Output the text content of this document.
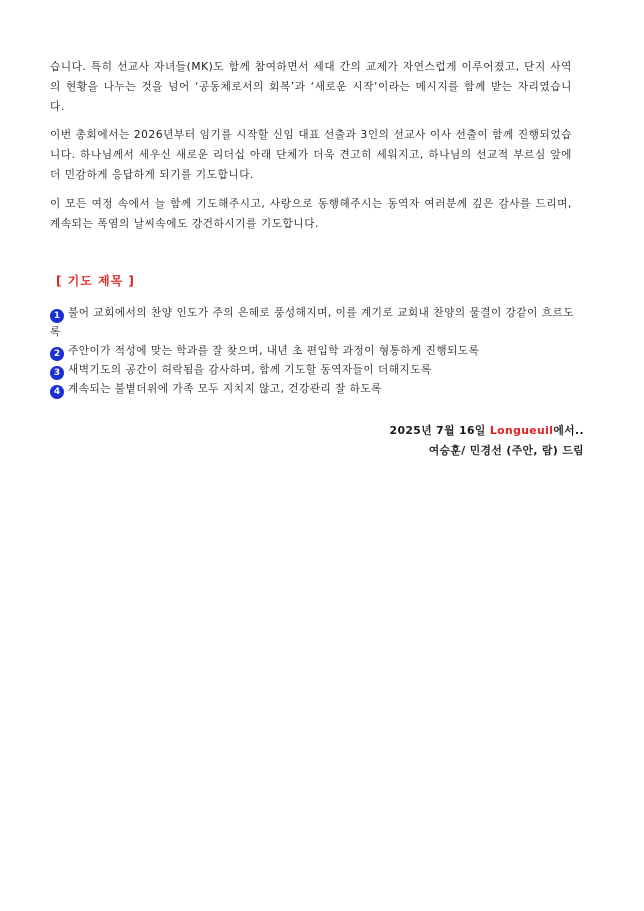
습니다. 특히 선교사 자녀들(MK)도 함께 참여하면서 세대 간의 교제가 자연스럽게 이루어졌고, 단지 사역의 현황을 나누는 것을 넘어 ‘공동체로서의 회복’과 ‘새로운 시작’이라는 메시지를 함께 받는 자리였습니다.

이번 총회에서는 2026년부터 임기를 시작할 신임 대표 선출과 3인의 선교사 이사 선출이 함께 진행되었습니다. 하나님께서 세우신 새로운 리더십 아래 단체가 더욱 견고히 세워지고, 하나님의 선교적 부르심 앞에 더 민감하게 응답하게 되기를 기도합니다.

이 모든 여정 속에서 늘 함께 기도해주시고, 사랑으로 동행해주시는 동역자 여러분께 깊은 감사를 드리며, 계속되는 폭염의 날씨속에도 강건하시기를 기도합니다.

[ 기도 제목 ]

1 불어 교회에서의 찬양 인도가 주의 은혜로 풍성해지며, 이를 계기로 교회내 찬양의 물결이 강같이 흐르도록
2 주안이가 적성에 맞는 학과를 잘 찾으며, 내년 초 편입학 과정이 형통하게 진행되도록
3 새벽기도의 공간이 허락됨을 감사하며, 함께 기도할 동역자들이 더해지도록
4 계속되는 불볕더위에 가족 모두 지치지 않고, 건강관리 잘 하도록
2025년 7월 16일 Longueuil에서..
여승훈/ 민경선 (주안, 람) 드림
